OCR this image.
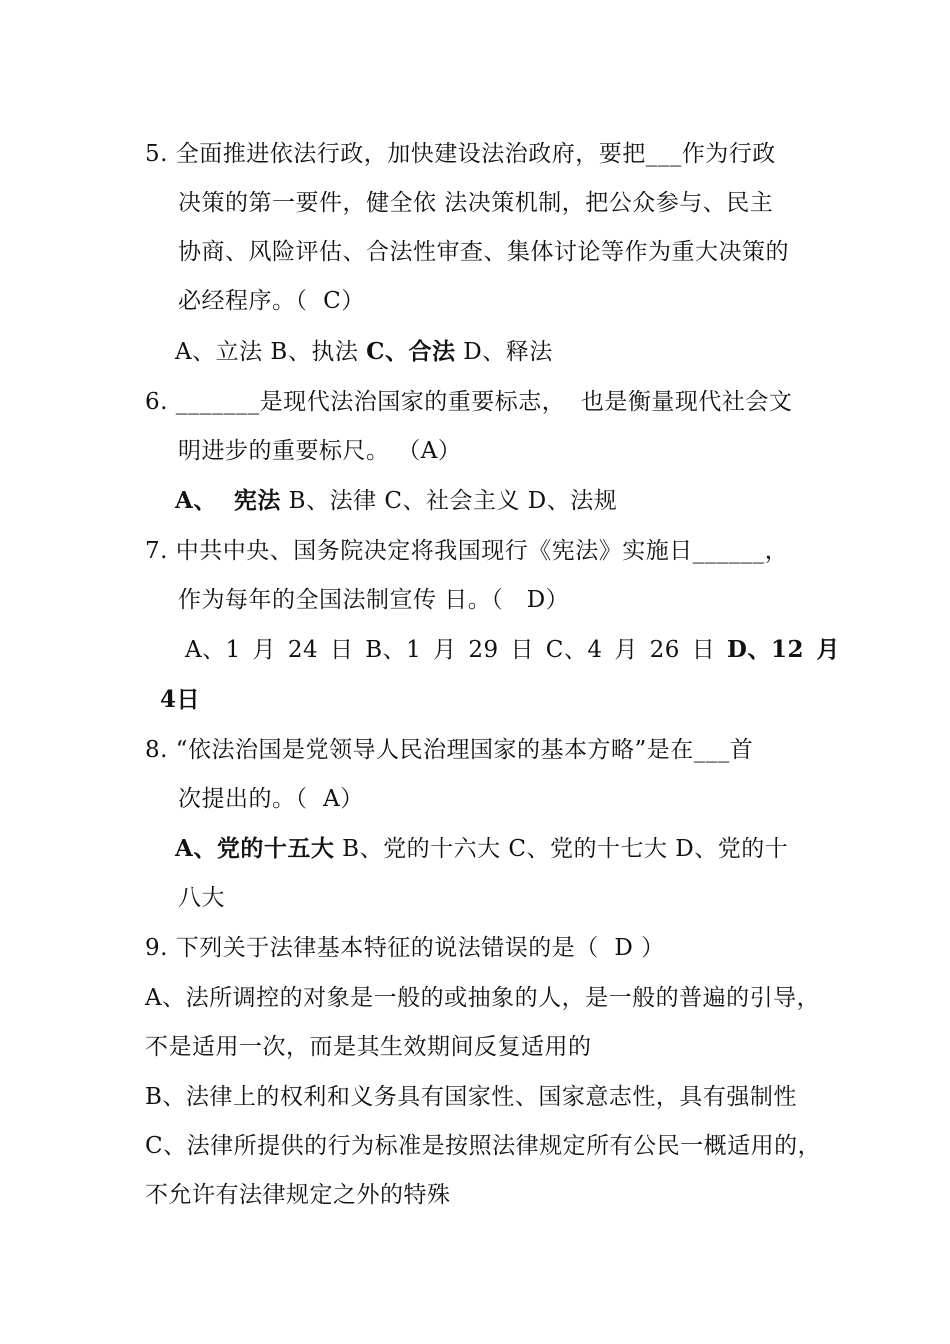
5. 全面推进依法行政，加快建设法治政府，要把___作为行政
决策的第一要件，健全依 法决策机制，把公众参与、民主
协商、风险评估、合法性审查、集体讨论等作为重大决策的
必经程序。（  C）
A、立法 B、执法 C、合法 D、释法
6. _______是现代法治国家的重要标志，  也是衡量现代社会文
明进步的重要标尺。 （A）
A、  宪法 B、法律 C、社会主义 D、法规
7. 中共中央、国务院决定将我国现行《宪法》实施日______，
作为每年的全国法制宣传 日。（   D）
A、1 月 24 日 B、1 月 29 日 C、4 月 26 日 D、12 月
4日
8. “依法治国是党领导人民治理国家的基本方略”是在___首
次提出的。（  A）
A、党的十五大 B、党的十六大 C、党的十七大 D、党的十
八大
9. 下列关于法律基本特征的说法错误的是（  D ）
A、法所调控的对象是一般的或抽象的人，是一般的普遍的引导，
不是适用一次，而是其生效期间反复适用的
B、法律上的权利和义务具有国家性、国家意志性，具有强制性
C、法律所提供的行为标准是按照法律规定所有公民一概适用的，
不允许有法律规定之外的特殊
